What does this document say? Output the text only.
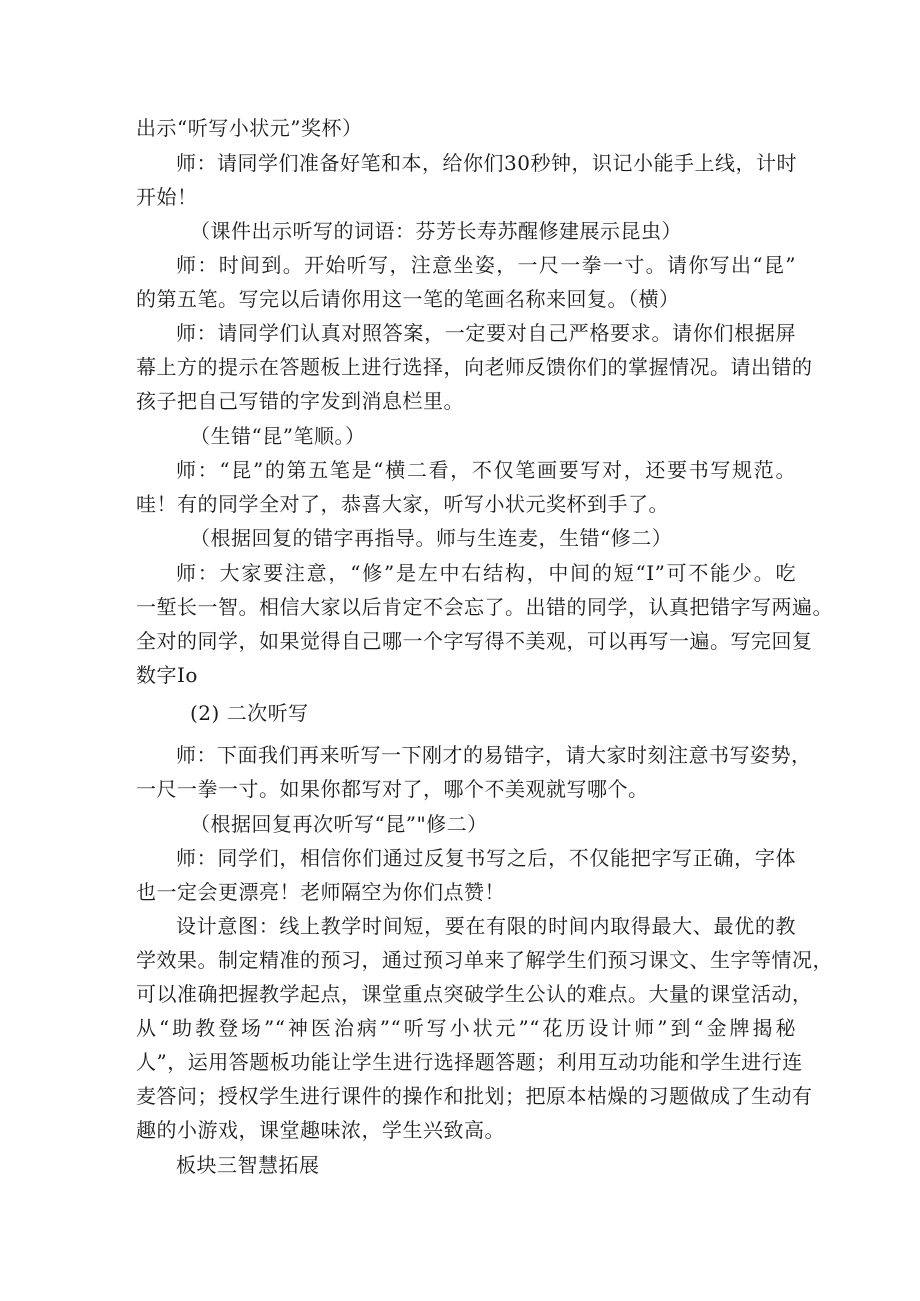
出示“听写小状元”奖杯）
师：请同学们准备好笔和本，给你们30秒钟，识记小能手上线，计时
开始！
（课件出示听写的词语：芬芳长寿苏醒修建展示昆虫）
师：时间到。开始听写，注意坐姿，一尺一拳一寸。请你写出“昆”
的第五笔。写完以后请你用这一笔的笔画名称来回复。（横）
师：请同学们认真对照答案，一定要对自己严格要求。请你们根据屏
幕上方的提示在答题板上进行选择，向老师反馈你们的掌握情况。请出错的
孩子把自己写错的字发到消息栏里。
（生错“昆”笔顺。）
师：“昆”的第五笔是“横二看，不仅笔画要写对，还要书写规范。
哇！有的同学全对了，恭喜大家，听写小状元奖杯到手了。
（根据回复的错字再指导。师与生连麦，生错“修二）
师：大家要注意，“修”是左中右结构，中间的短“I”可不能少。吃
一堑长一智。相信大家以后肯定不会忘了。出错的同学，认真把错字写两遍。
全对的同学，如果觉得自己哪一个字写得不美观，可以再写一遍。写完回复
数字Io
(2) 二次听写
师：下面我们再来听写一下刚才的易错字，请大家时刻注意书写姿势，
一尺一拳一寸。如果你都写对了，哪个不美观就写哪个。
（根据回复再次听写“昆”"修二）
师：同学们，相信你们通过反复书写之后，不仅能把字写正确，字体
也一定会更漂亮！老师隔空为你们点赞！
设计意图：线上教学时间短，要在有限的时间内取得最大、最优的教
学效果。制定精准的预习，通过预习单来了解学生们预习课文、生字等情况，
可以准确把握教学起点，课堂重点突破学生公认的难点。大量的课堂活动，
从“助教登场”“神医治病”“听写小状元”“花历设计师”到“金牌揭秘
人”，运用答题板功能让学生进行选择题答题；利用互动功能和学生进行连
麦答问；授权学生进行课件的操作和批划；把原本枯燥的习题做成了生动有
趣的小游戏，课堂趣味浓，学生兴致高。
板块三智慧拓展
